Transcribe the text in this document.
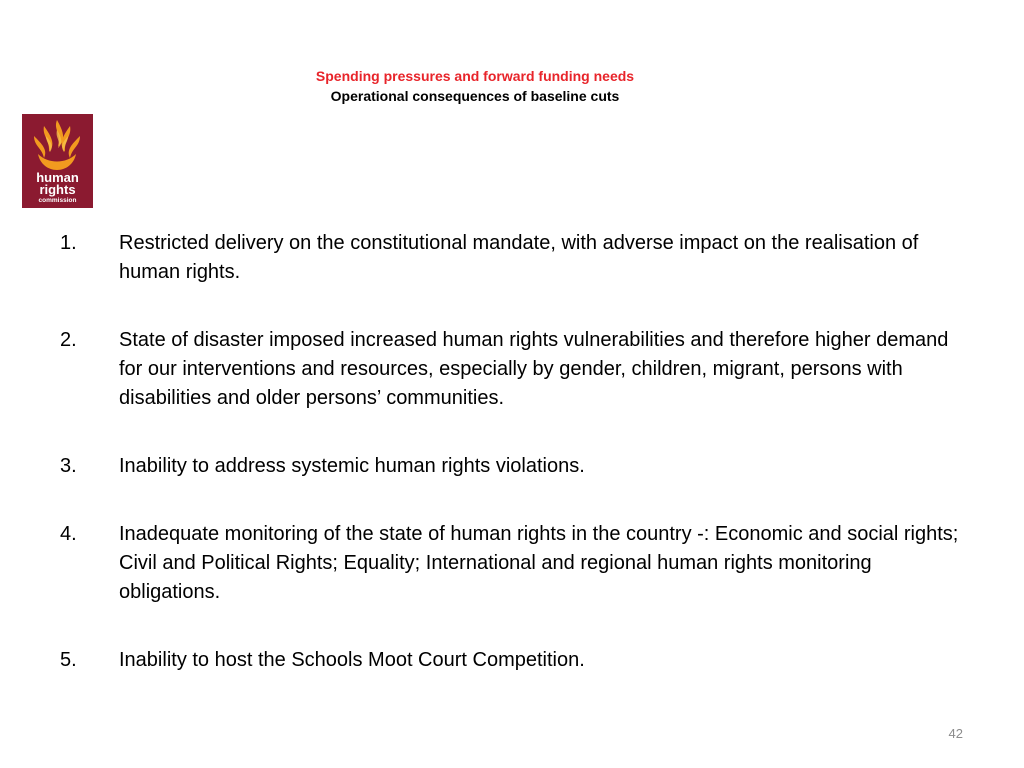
Spending pressures and forward funding needs
Operational consequences of baseline cuts
human
rights
commission
1. Restricted delivery on the constitutional mandate, with adverse impact on the realisation of human rights.
2. State of disaster imposed increased human rights vulnerabilities and therefore higher demand for our interventions and resources, especially by gender, children, migrant, persons with disabilities and older persons’ communities.
3. Inability to address systemic human rights violations.
4. Inadequate monitoring of the state of human rights in the country -: Economic and social rights; Civil and Political Rights; Equality; International and regional human rights monitoring obligations.
5. Inability to host the Schools Moot Court Competition.
42
